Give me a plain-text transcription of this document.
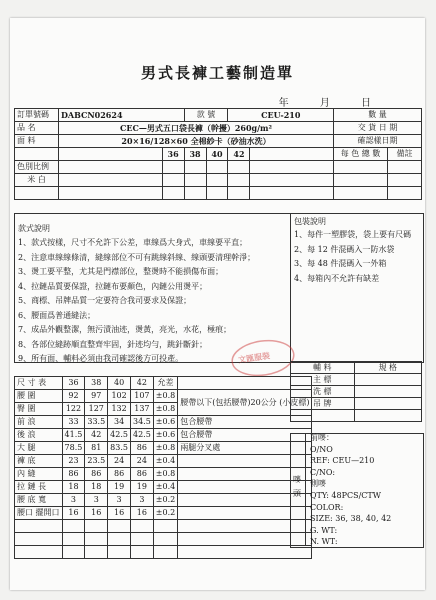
男式長褲工藝制造單
年 月 日
訂單號碼	DABCN02624		款 號		CEU-210		數 量	
品 名	CEC—男式五口袋長褲（幹擾）260g/m²						交 貨 日 期	
面 料	20×16/128×60 全棉紗卡（砂油水洗）						確認樣日期	
		36	38	40	42		每 色 總 數	備註
色別比例								
米 白								

款式說明
包裝說明
1、款式按樣，尺寸不允許下公差，車線爲大身式，車線要平直；
2、注意車線線條清，縫線部位不可有跳線斜線、線頭要清理幹淨；
3、燙工要平整，尤其是門襟部位，整燙時不能損傷布面；
4、拉鏈品質要保證，拉鏈布要顏色，內鏈公用燙平；
5、商標、吊牌品質一定要符合我司要求及保證；
6、腰面爲普通縫法；
7、成品外觀整潔，無污漬油迹，燙黃，亮光，水花，極痕；
8、各部位縫跡順直整齊牢固，針迹均勻，跳針斷針；
9、所有面、輔料必須由我司確認後方可投產。
1、每件一塑膠袋，袋上要有尺碼
2、每 12 件混碼入一防水袋
3、每 48 件混碼入一外箱
4、每箱內不允許有缺差
輔 料	規 格
主 標	
洗 標	
吊 牌	

尺 寸 表	36	38	40	42	允差	
腰 圍	92	97	102	107	±0.8	腰帶以下(包括腰帶)20公分 (小皮標)
臀 圍	122	127	132	137	±0.8	
前 浪	33	33.5	34	34.5	±0.6	包合腰帶
後 浪	41.5	42	42.5	42.5	±0.6	包合腰帶
大 腿	78.5	81	83.5	86	±0.8	兩腿分叉處
褲 底	23	23.5	24	24	±0.4	
內 縫	86	86	86	86	±0.8	
拉 鏈 長	18	18	19	19	±0.4	
腰 底 寬	3	3	3	3	±0.2	
腰口 擺開口	16	16	16	16	±0.2	

嘜 頭
前嘜：
O/NO
REF: CEU—210
C/NO:
側嘜
QTY: 48PCS/CTW
COLOR:
SIZE: 36, 38, 40, 42
G. WT:
N. WT:
文匯服裝
